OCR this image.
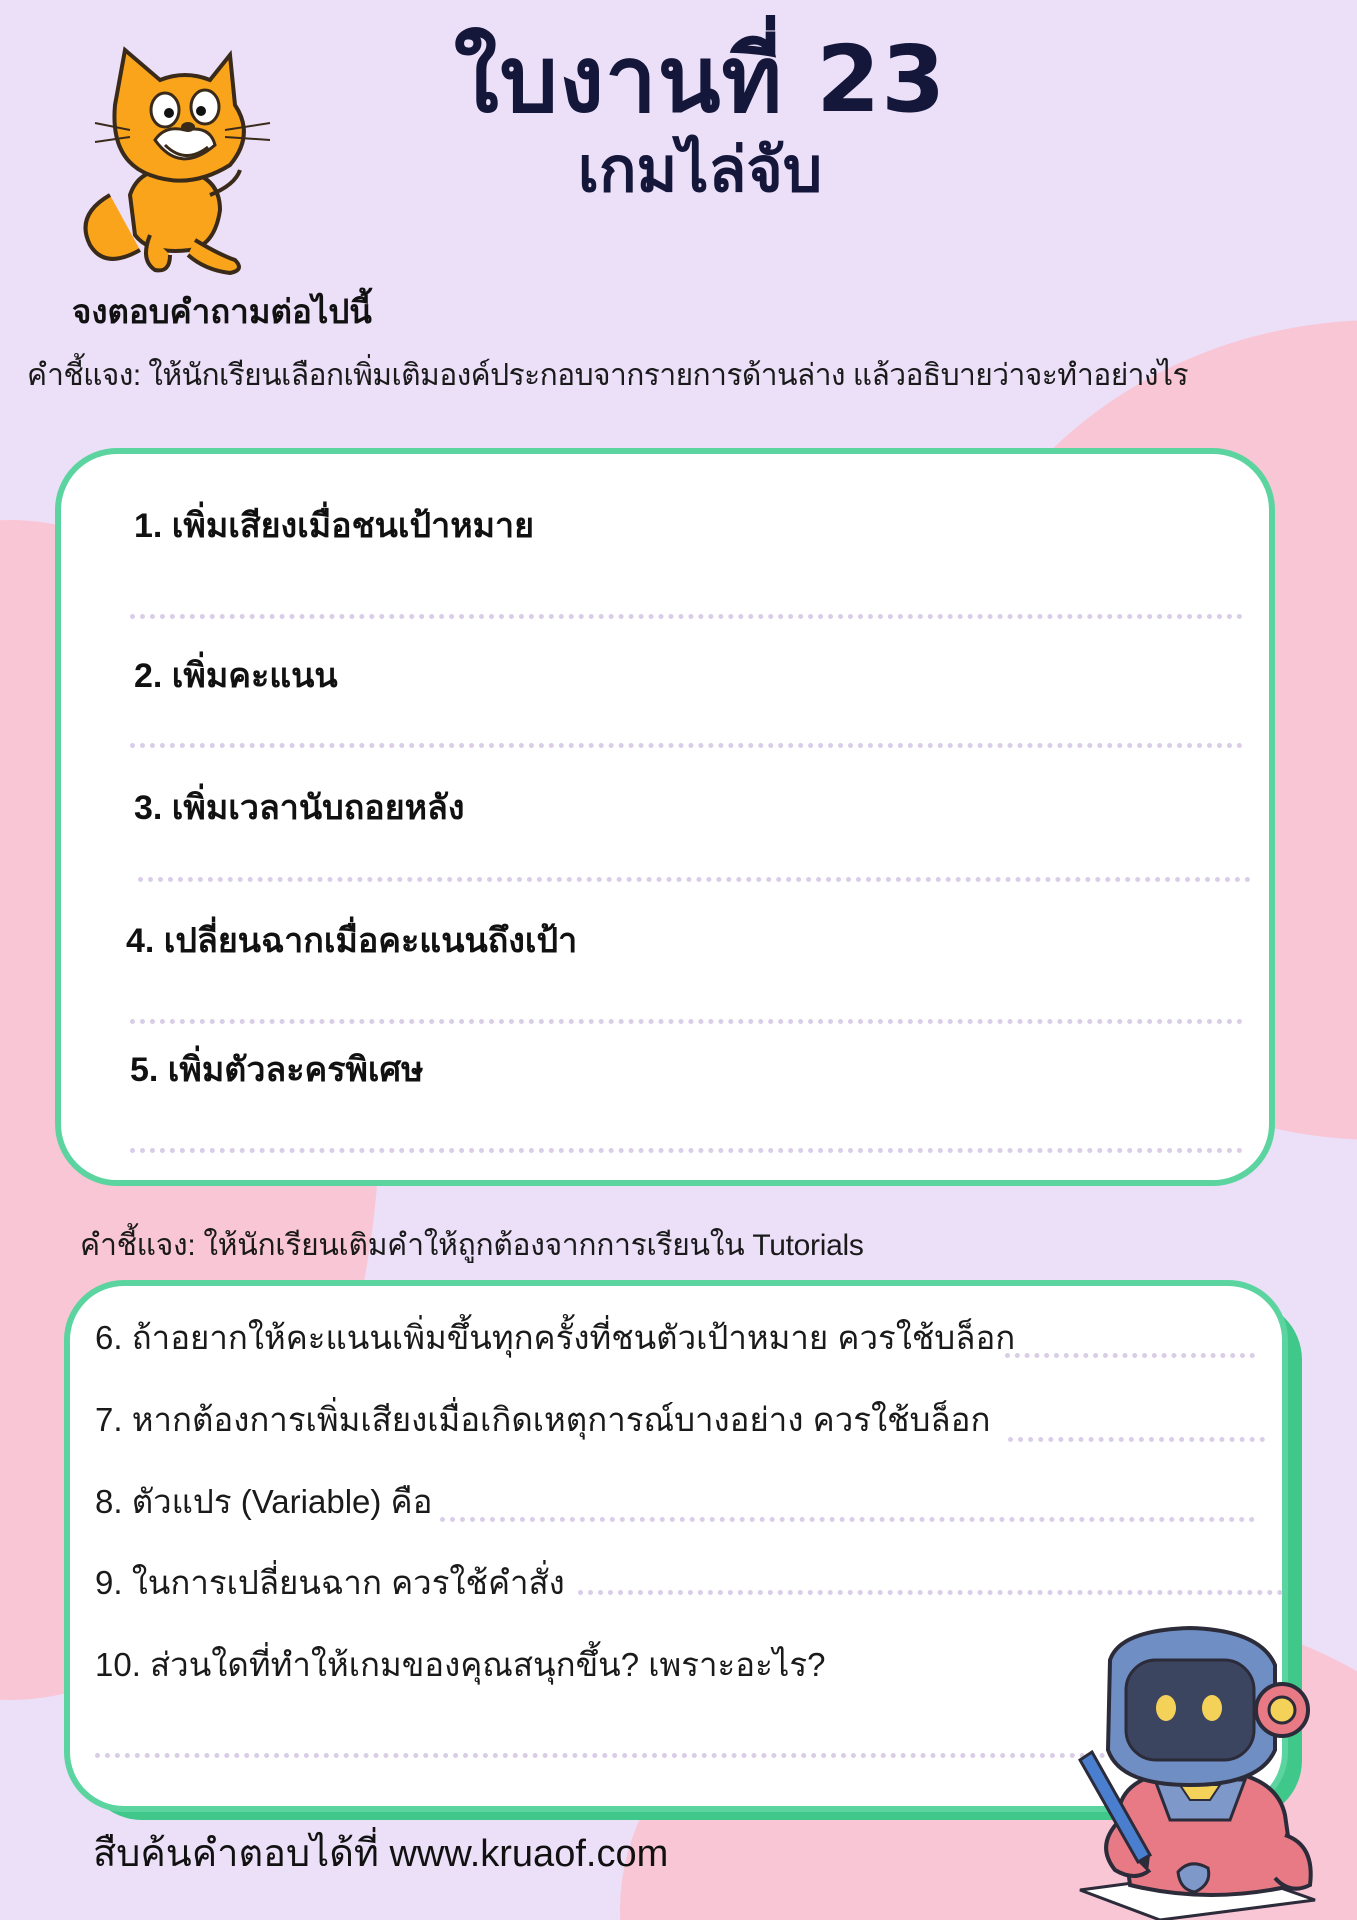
ใบงานที่ 23
เกมไล่จับ
จงตอบคำถามต่อไปนี้
คำชี้แจง: ให้นักเรียนเลือกเพิ่มเติมองค์ประกอบจากรายการด้านล่าง แล้วอธิบายว่าจะทำอย่างไร
1. เพิ่มเสียงเมื่อชนเป้าหมาย
2. เพิ่มคะแนน
3. เพิ่มเวลานับถอยหลัง
4. เปลี่ยนฉากเมื่อคะแนนถึงเป้า
5. เพิ่มตัวละครพิเศษ
คำชี้แจง: ให้นักเรียนเติมคำให้ถูกต้องจากการเรียนใน Tutorials
6. ถ้าอยากให้คะแนนเพิ่มขึ้นทุกครั้งที่ชนตัวเป้าหมาย ควรใช้บล็อก
7. หากต้องการเพิ่มเสียงเมื่อเกิดเหตุการณ์บางอย่าง ควรใช้บล็อก
8. ตัวแปร (Variable) คือ
9. ในการเปลี่ยนฉาก ควรใช้คำสั่ง
10. ส่วนใดที่ทำให้เกมของคุณสนุกขึ้น? เพราะอะไร?
สืบค้นคำตอบได้ที่ www.kruaof.com
